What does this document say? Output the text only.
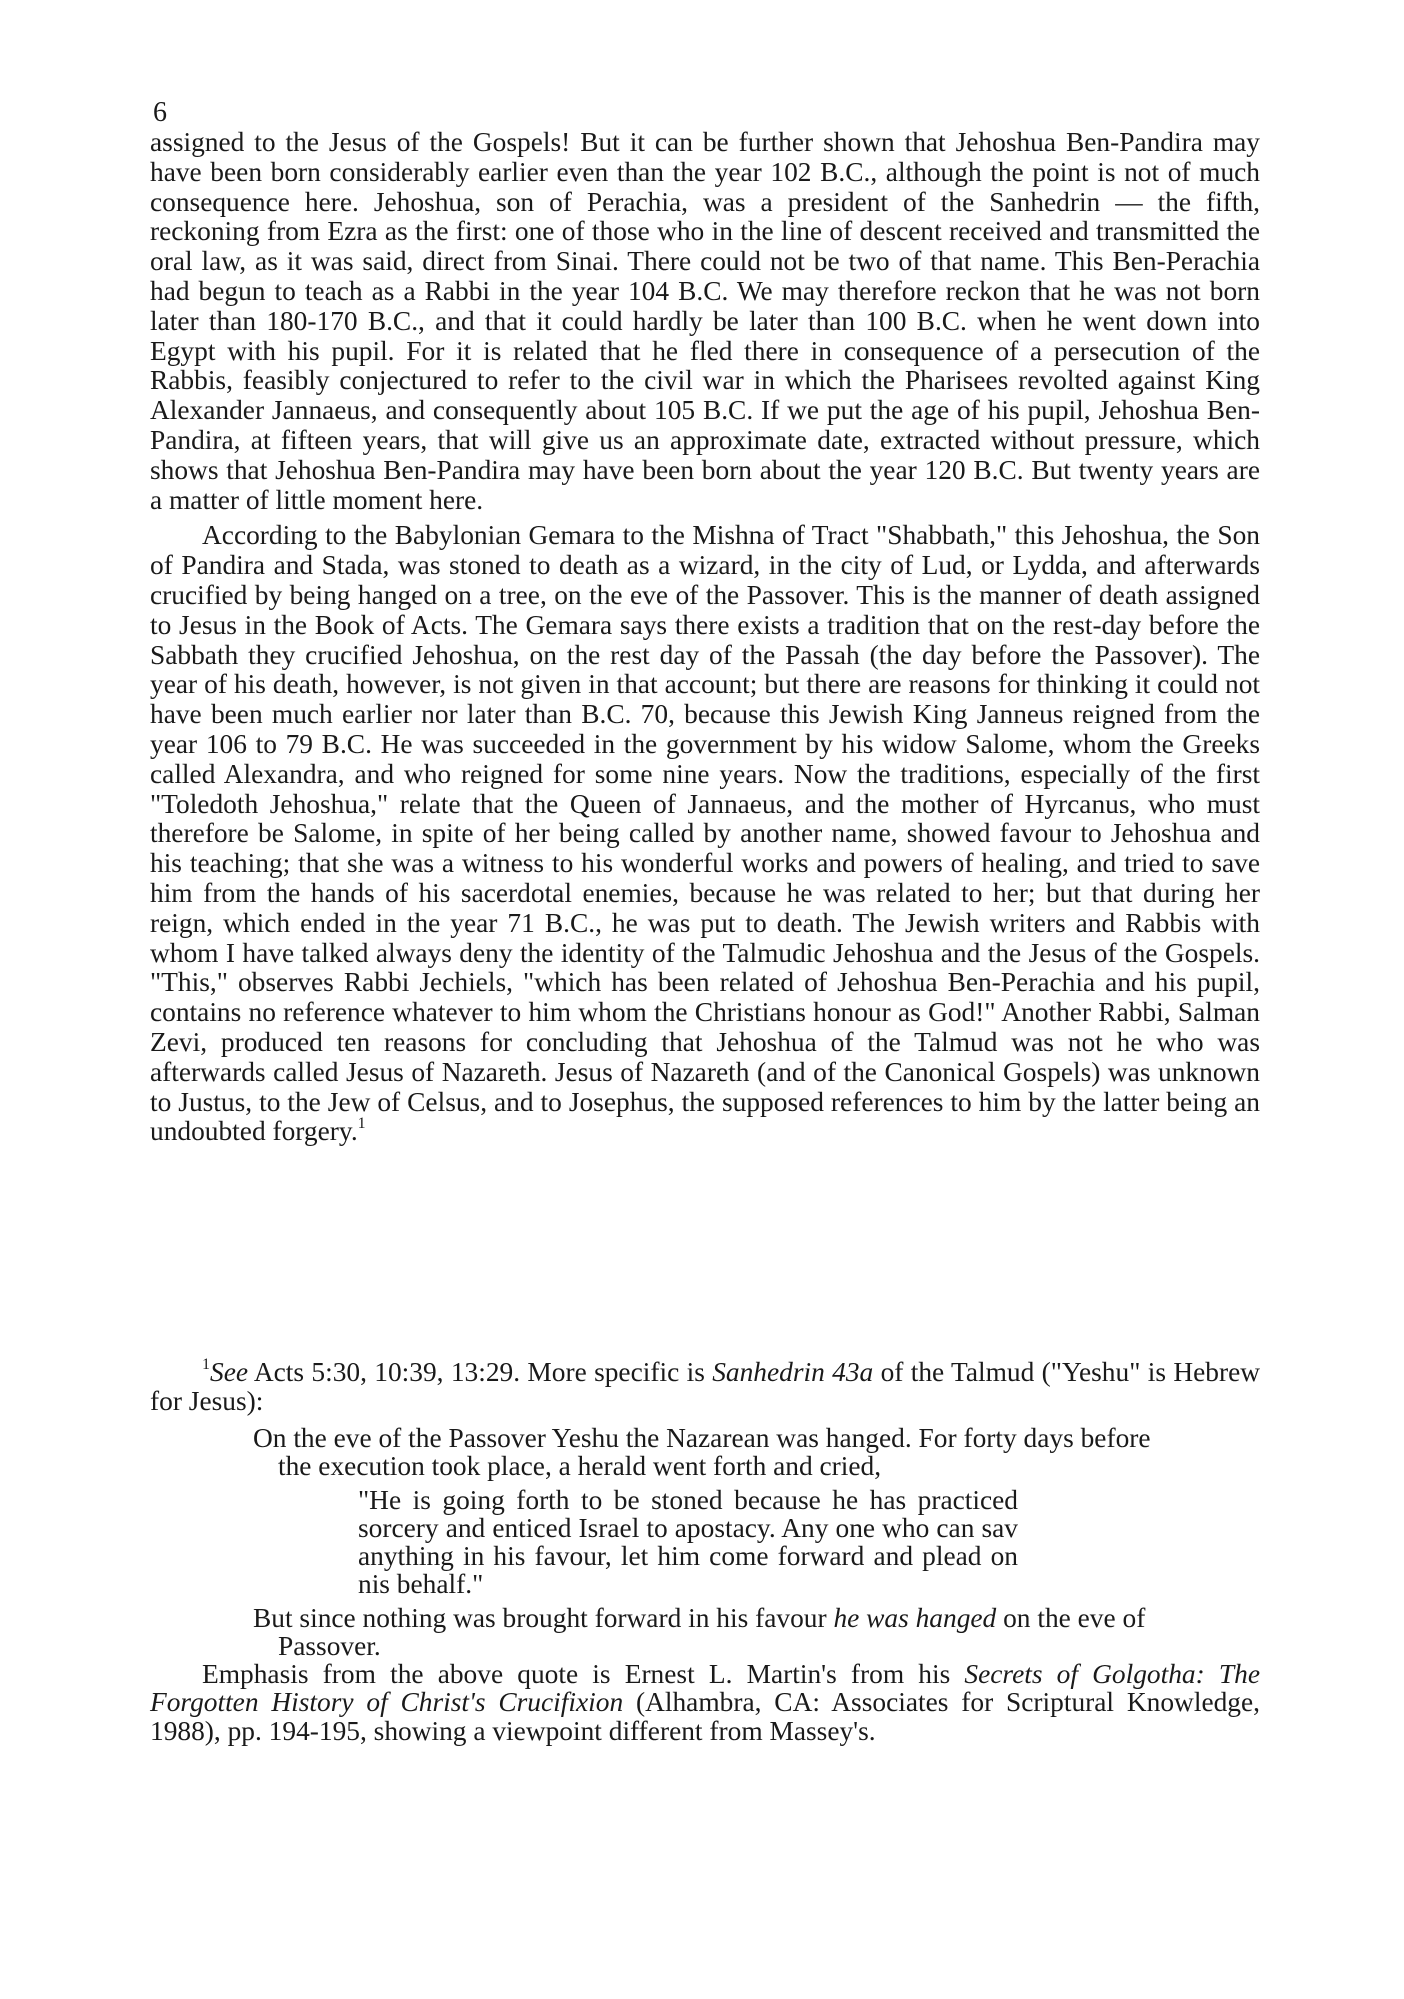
6

assigned to the Jesus of the Gospels! But it can be further shown that Jehoshua Ben-Pandira may have been born considerably earlier even than the year 102 B.C., although the point is not of much consequence here. Jehoshua, son of Perachia, was a president of the Sanhedrin — the fifth, reckoning from Ezra as the first: one of those who in the line of descent received and transmitted the oral law, as it was said, direct from Sinai. There could not be two of that name. This Ben-Perachia had begun to teach as a Rabbi in the year 104 B.C. We may therefore reckon that he was not born later than 180-170 B.C., and that it could hardly be later than 100 B.C. when he went down into Egypt with his pupil. For it is related that he fled there in consequence of a persecution of the Rabbis, feasibly conjectured to refer to the civil war in which the Pharisees revolted against King Alexander Jannaeus, and consequently about 105 B.C. If we put the age of his pupil, Jehoshua Ben-Pandira, at fifteen years, that will give us an approximate date, extracted without pressure, which shows that Jehoshua Ben-Pandira may have been born about the year 120 B.C. But twenty years are a matter of little moment here.

According to the Babylonian Gemara to the Mishna of Tract "Shabbath," this Jehoshua, the Son of Pandira and Stada, was stoned to death as a wizard, in the city of Lud, or Lydda, and afterwards crucified by being hanged on a tree, on the eve of the Passover. This is the manner of death assigned to Jesus in the Book of Acts. The Gemara says there exists a tradition that on the rest-day before the Sabbath they crucified Jehoshua, on the rest day of the Passah (the day before the Passover). The year of his death, however, is not given in that account; but there are reasons for thinking it could not have been much earlier nor later than B.C. 70, because this Jewish King Janneus reigned from the year 106 to 79 B.C. He was succeeded in the government by his widow Salome, whom the Greeks called Alexandra, and who reigned for some nine years. Now the traditions, especially of the first "Toledoth Jehoshua," relate that the Queen of Jannaeus, and the mother of Hyrcanus, who must therefore be Salome, in spite of her being called by another name, showed favour to Jehoshua and his teaching; that she was a witness to his wonderful works and powers of healing, and tried to save him from the hands of his sacerdotal enemies, because he was related to her; but that during her reign, which ended in the year 71 B.C., he was put to death. The Jewish writers and Rabbis with whom I have talked always deny the identity of the Talmudic Jehoshua and the Jesus of the Gospels. "This," observes Rabbi Jechiels, "which has been related of Jehoshua Ben-Perachia and his pupil, contains no reference whatever to him whom the Christians honour as God!" Another Rabbi, Salman Zevi, produced ten reasons for concluding that Jehoshua of the Talmud was not he who was afterwards called Jesus of Nazareth. Jesus of Nazareth (and of the Canonical Gospels) was unknown to Justus, to the Jew of Celsus, and to Josephus, the supposed references to him by the latter being an undoubted forgery.$^1$

$^1$See Acts 5:30, 10:39, 13:29. More specific is Sanhedrin 43a of the Talmud ("Yeshu" is Hebrew for Jesus):

On the eve of the Passover Yeshu the Nazarean was hanged. For forty days before the execution took place, a herald went forth and cried,

"He is going forth to be stoned because he has practiced sorcery and enticed Israel to apostacy. Any one who can sav anything in his favour, let him come forward and plead on nis behalf."

But since nothing was brought forward in his favour he was hanged on the eve of Passover.

Emphasis from the above quote is Ernest L. Martin's from his Secrets of Golgotha: The Forgotten History of Christ's Crucifixion (Alhambra, CA: Associates for Scriptural Knowledge, 1988), pp. 194-195, showing a viewpoint different from Massey's.
